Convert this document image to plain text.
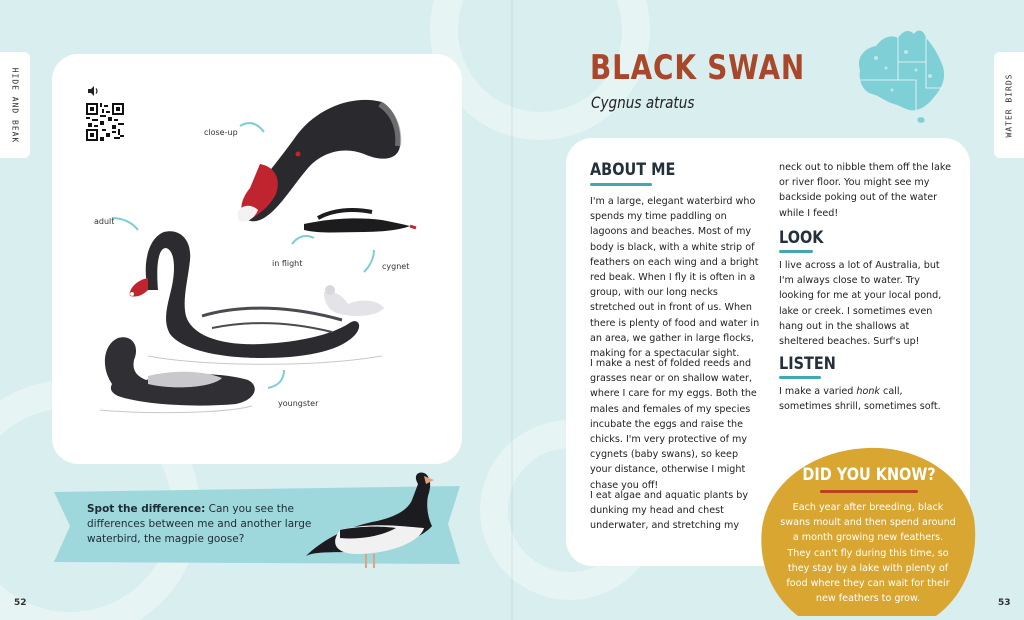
HIDE AND BEAK	WATER BIRDS
close-up
adult
in flight	cygnet
youngster
Spot the difference: Can you see the differences between me and another large waterbird, the magpie goose?
52
BLACK SWAN
Cygnus atratus
ABOUT ME
I'm a large, elegant waterbird who spends my time paddling on lagoons and beaches. Most of my body is black, with a white strip of feathers on each wing and a bright red beak. When I fly it is often in a group, with our long necks stretched out in front of us. When there is plenty of food and water in an area, we gather in large flocks, making for a spectacular sight.
I make a nest of folded reeds and grasses near or on shallow water, where I care for my eggs. Both the males and females of my species incubate the eggs and raise the chicks. I'm very protective of my cygnets (baby swans), so keep your distance, otherwise I might chase you off!
I eat algae and aquatic plants by dunking my head and chest underwater, and stretching my
neck out to nibble them off the lake or river floor. You might see my backside poking out of the water while I feed!
LOOK
I live across a lot of Australia, but I'm always close to water. Try looking for me at your local pond, lake or creek. I sometimes even hang out in the shallows at sheltered beaches. Surf's up!
LISTEN
I make a varied honk call, sometimes shrill, sometimes soft.
DID YOU KNOW?
Each year after breeding, black swans moult and then spend around a month growing new feathers. They can't fly during this time, so they stay by a lake with plenty of food where they can wait for their new feathers to grow.	53
